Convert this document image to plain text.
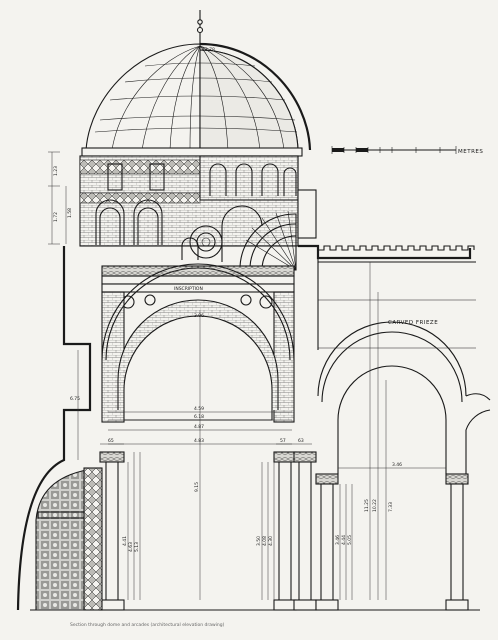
13.78
1.23
1.72 1.58
METRES
CARVED FRIEZE
INSCRIPTION
3.96
4.59
6.18
4.87
4.83
9.15
65	57	63
6.75
4.41
4.63 5.13
3.50 4.08 4.30	3.46 4.44 5.05
11.25 10.22 7.33
3.46
Section through dome and arcades (architectural elevation drawing)
